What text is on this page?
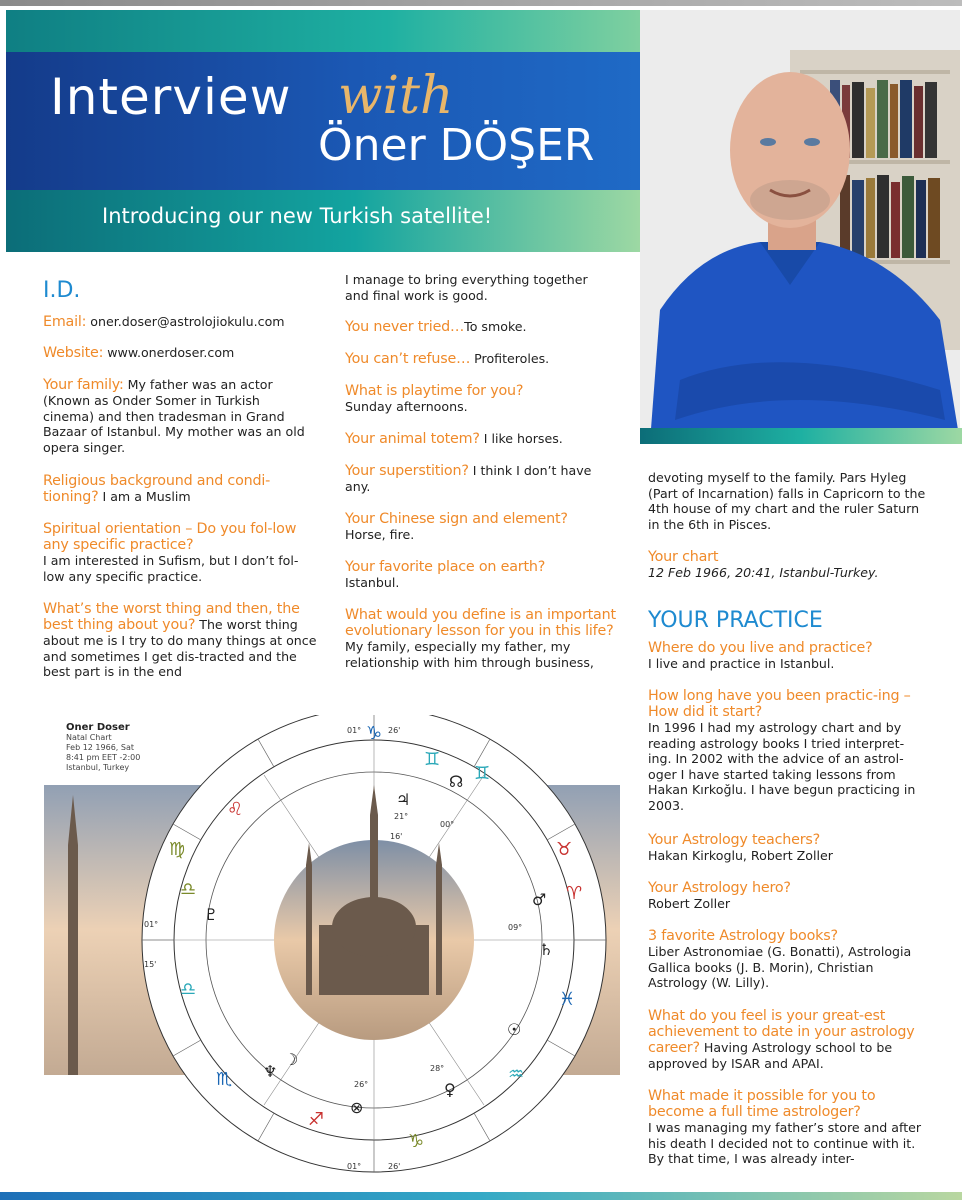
Interview with
Öner DÖŞER
Introducing our new Turkish satellite!
I.D.
YOUR PRACTICE
Email: oner.doser@astrolojiokulu.com
Website: www.onerdoser.com
Your family: My father was an actor (Known as Onder Somer in Turkish cinema) and then tradesman in Grand Bazaar of Istanbul. My mother was an old opera singer.
Religious background and condi-tioning? I am a Muslim
Spiritual orientation – Do you fol-low any specific practice?
I am interested in Sufism, but I don’t fol-low any specific practice.
What’s the worst thing and then, the best thing about you? The worst thing about me is I try to do many things at once and sometimes I get dis-tracted and the best part is in the end
I manage to bring everything together and final work is good.
You never tried…To smoke.
You can’t refuse… Profiteroles.
What is playtime for you?
Sunday afternoons.
Your animal totem? I like horses.
Your superstition? I think I don’t have any.
Your Chinese sign and element?
Horse, fire.
Your favorite place on earth?
Istanbul.
What would you define is an important evolutionary lesson for you in this life?
My family, especially my father, my relationship with him through business,
devoting myself to the family. Pars Hyleg (Part of Incarnation) falls in Capricorn to the 4th house of my chart and the ruler Saturn in the 6th in Pisces.
Your chart
12 Feb 1966, 20:41, Istanbul-Turkey.
Where do you live and practice?
I live and practice in Istanbul.
How long have you been practic-ing – How did it start?
In 1996 I had my astrology chart and by reading astrology books I tried interpret-ing. In 2002 with the advice of an astrol-oger I have started taking lessons from Hakan Kırkoğlu. I have begun practicing in 2003.
Your Astrology teachers?
Hakan Kirkoglu, Robert Zoller
Your Astrology hero?
Robert Zoller
3 favorite Astrology books?
Liber Astronomiae (G. Bonatti), Astrologia Gallica books (J. B. Morin), Christian Astrology (W. Lilly).
What do you feel is your great-est achievement to date in your astrology career? Having Astrology school to be approved by ISAR and APAI.
What made it possible for you to become a full time astrologer?
I was managing my father’s store and after his death I decided not to continue with it. By that time, I was already inter-
♑
♊
♊
♉
♈
♓
♒
♑
♐
♏
♌
♍
♎
♎
♃
☊
♇
♂
♄
☉
♀
♆
☽
⊗
01°	26'
01°	26'
01°
15'
21°
16'
00°
26°
28°
09°
Oner Doser
Natal Chart
Feb 12 1966, Sat
8:41 pm EET -2:00
Istanbul, Turkey
